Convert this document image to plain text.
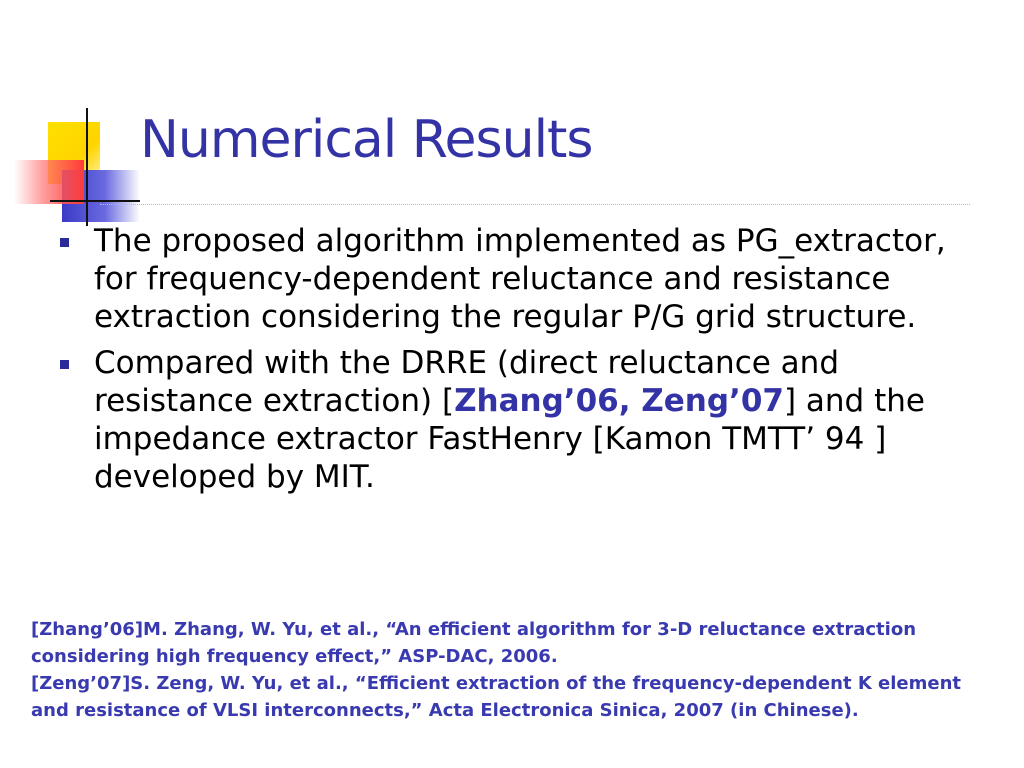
Numerical Results
The proposed algorithm implemented as PG_extractor, for frequency-dependent reluctance and resistance extraction considering the regular P/G grid structure.
Compared with the DRRE (direct reluctance and resistance extraction) [Zhang’06, Zeng’07] and the impedance extractor FastHenry [Kamon TMTT’ 94 ] developed by MIT.
[Zhang’06]M. Zhang, W. Yu, et al., “An efficient algorithm for 3-D reluctance extraction considering high frequency effect,” ASP-DAC, 2006.
[Zeng’07]S. Zeng, W. Yu, et al., “Efficient extraction of the frequency-dependent K element and resistance of VLSI interconnects,” Acta Electronica Sinica, 2007 (in Chinese).
